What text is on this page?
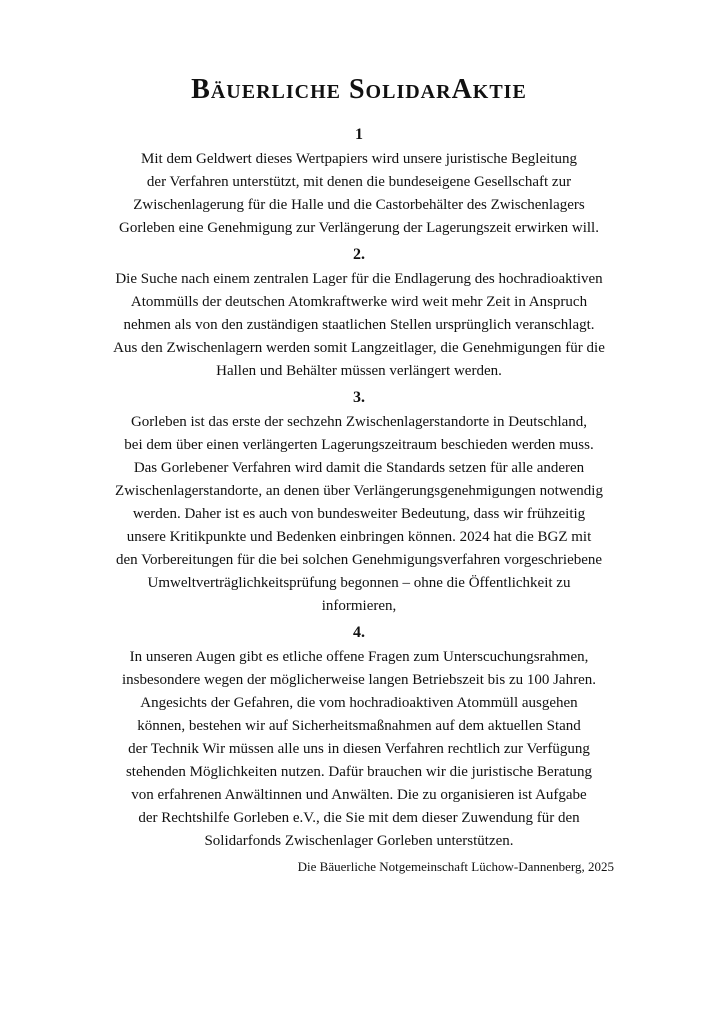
Bäuerliche SolidarAktie
1

Mit dem Geldwert dieses Wertpapiers wird unsere juristische Begleitung
der Verfahren unterstützt, mit denen die bundeseigene Gesellschaft zur
Zwischenlagerung für die Halle und die Castorbehälter des Zwischenlagers
Gorleben eine Genehmigung zur Verlängerung der Lagerungszeit erwirken will.

2.

Die Suche nach einem zentralen Lager für die Endlagerung des hochradioaktiven
Atommülls der deutschen Atomkraftwerke wird weit mehr Zeit in Anspruch
nehmen als von den zuständigen staatlichen Stellen ursprünglich veranschlagt.
Aus den Zwischenlagern werden somit Langzeitlager, die Genehmigungen für die
Hallen und Behälter müssen verlängert werden.

3.

Gorleben ist das erste der sechzehn Zwischenlagerstandorte in Deutschland,
bei dem über einen verlängerten Lagerungszeitraum beschieden werden muss.
Das Gorlebener Verfahren wird damit die Standards setzen für alle anderen
Zwischenlagerstandorte, an denen über Verlängerungsgenehmigungen notwendig
werden. Daher ist es auch von bundesweiter Bedeutung, dass wir frühzeitig
unsere Kritikpunkte und Bedenken einbringen können. 2024 hat die BGZ mit
den Vorbereitungen für die bei solchen Genehmigungsverfahren vorgeschriebene
Umweltverträglichkeitsprüfung begonnen – ohne die Öffentlichkeit zu
informieren,

4.

In unseren Augen gibt es etliche offene Fragen zum Unterscuchungsrahmen,
insbesondere wegen der möglicherweise langen Betriebszeit bis zu 100 Jahren.
Angesichts der Gefahren, die vom hochradioaktiven Atommüll ausgehen
können, bestehen wir auf Sicherheitsmaßnahmen auf dem aktuellen Stand
der Technik Wir müssen alle uns in diesen Verfahren rechtlich zur Verfügung
stehenden Möglichkeiten nutzen. Dafür brauchen wir die juristische Beratung
von erfahrenen Anwältinnen und Anwälten. Die zu organisieren ist Aufgabe
der Rechtshilfe Gorleben e.V., die Sie mit dem dieser Zuwendung für den
Solidarfonds Zwischenlager Gorleben unterstützen.

Die Bäuerliche Notgemeinschaft Lüchow-Dannenberg, 2025
